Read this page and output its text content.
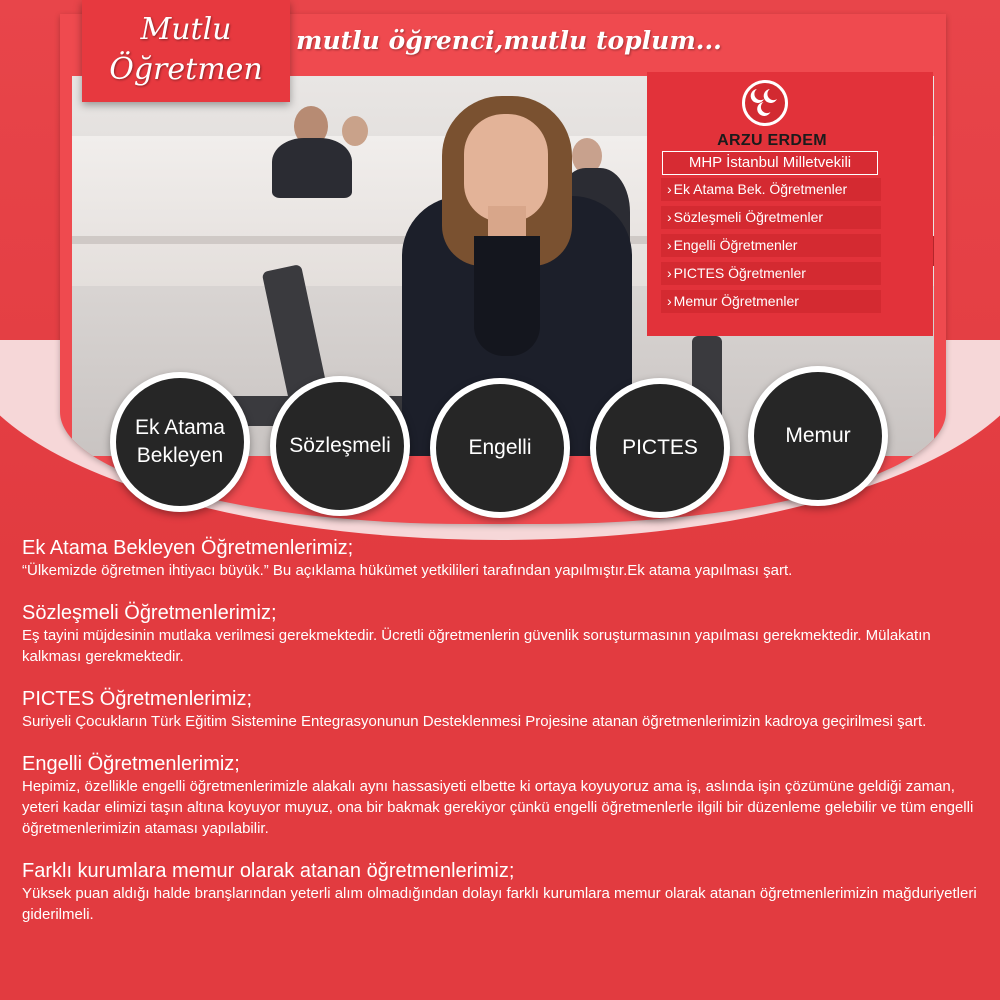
Mutlu
Öğretmen
mutlu öğrenci,mutlu toplum...
ARZU ERDEM
MHP İstanbul Milletvekili
› Ek Atama Bek. Öğretmenler
› Sözleşmeli Öğretmenler
› Engelli Öğretmenler
› PICTES Öğretmenler
› Memur Öğretmenler
Ek Atama
Bekleyen	Sözleşmeli	Engelli	PICTES
Memur
Ek Atama Bekleyen Öğretmenlerimiz;
“Ülkemizde öğretmen ihtiyacı büyük.” Bu açıklama hükümet yetkilileri tarafından yapılmıştır.Ek atama yapılması şart.
Sözleşmeli Öğretmenlerimiz;
Eş tayini müjdesinin mutlaka verilmesi gerekmektedir. Ücretli öğretmenlerin güvenlik soruşturmasının yapılması gerekmektedir. Mülakatın kalkması gerekmektedir.
PICTES Öğretmenlerimiz;
Suriyeli Çocukların Türk Eğitim Sistemine Entegrasyonunun Desteklenmesi Projesine atanan öğretmenlerimizin kadroya geçirilmesi şart.
Engelli Öğretmenlerimiz;
Hepimiz, özellikle engelli öğretmenlerimizle alakalı aynı hassasiyeti elbette ki ortaya koyuyoruz ama iş, aslında işin çözümüne geldiği zaman, yeteri kadar elimizi taşın altına koyuyor muyuz, ona bir bakmak gerekiyor çünkü engelli öğretmenlerle ilgili bir düzenleme gelebilir ve tüm engelli öğretmenlerimizin ataması yapılabilir.
Farklı kurumlara memur olarak atanan öğretmenlerimiz;
Yüksek puan aldığı halde branşlarından yeterli alım olmadığından dolayı farklı kurumlara memur olarak atanan öğretmenlerimizin mağduriyetleri giderilmeli.
